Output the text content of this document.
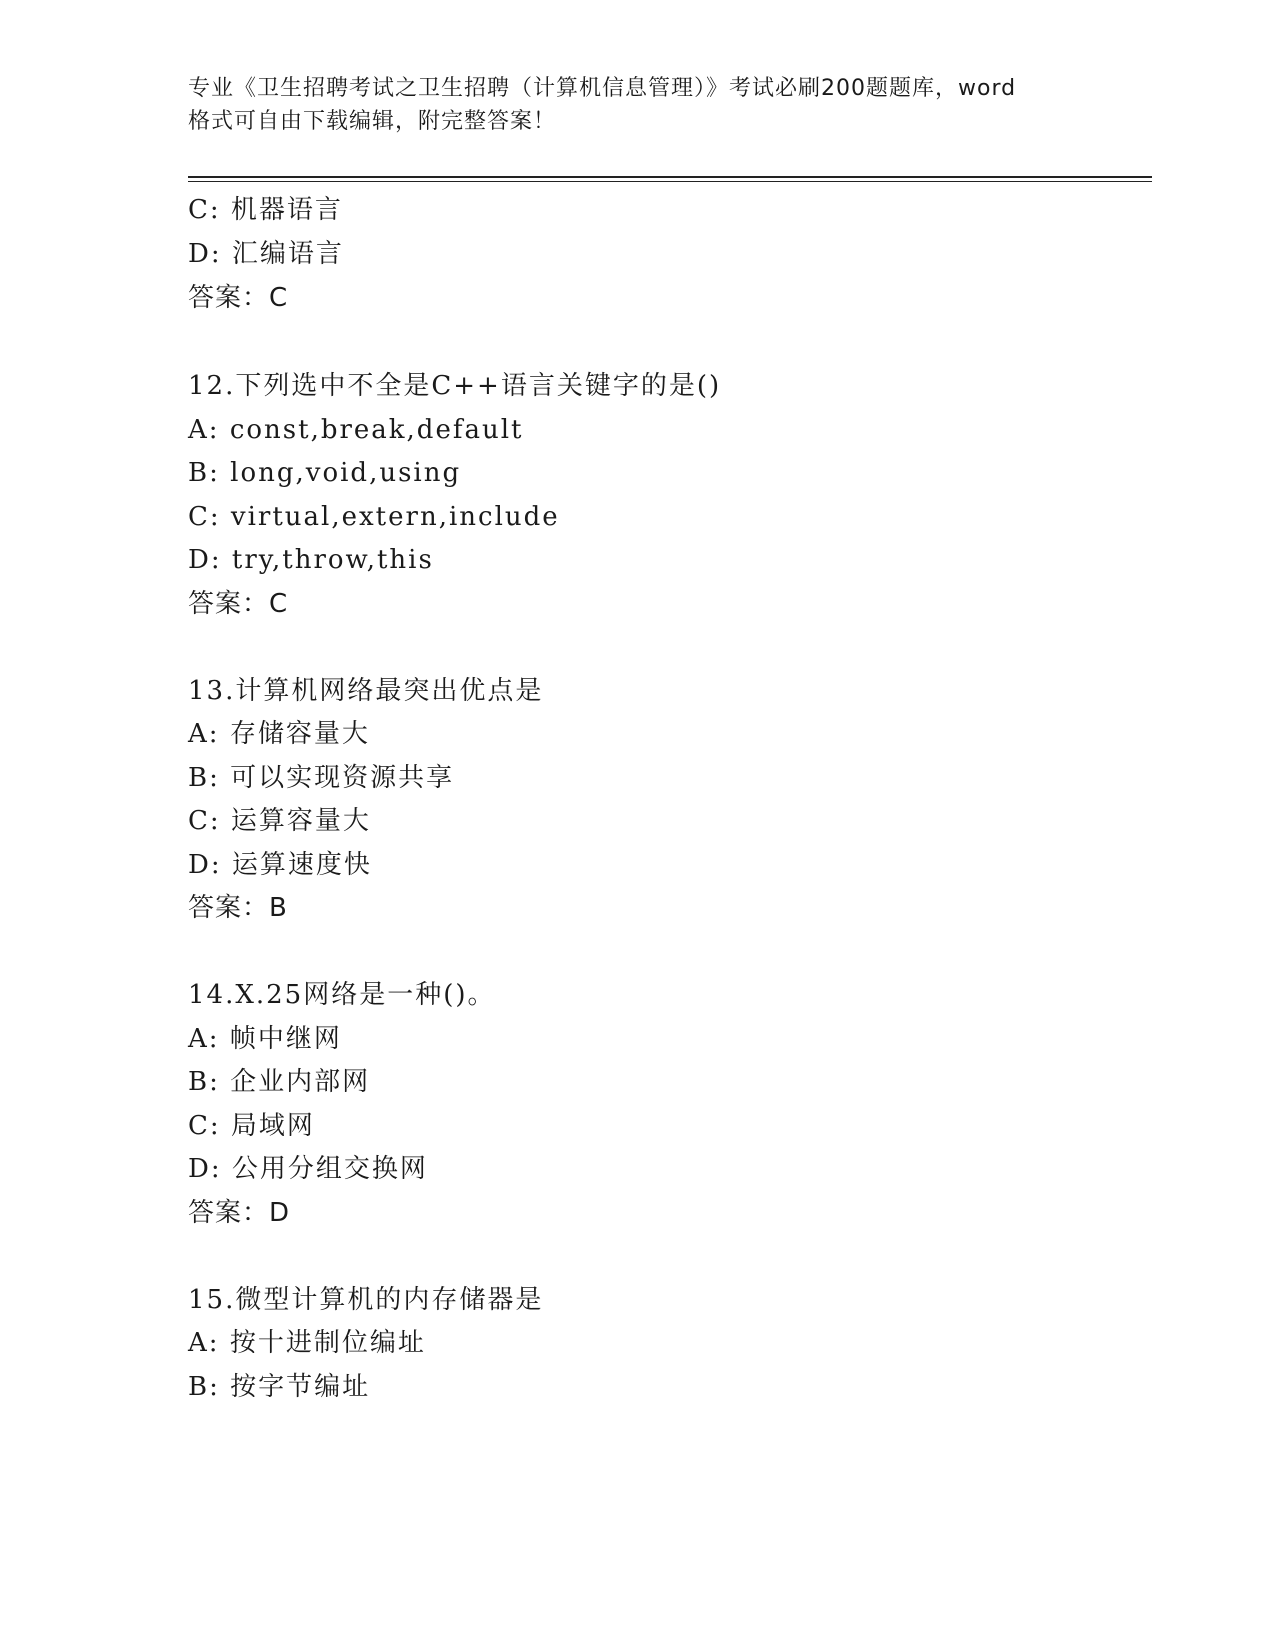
专业《卫生招聘考试之卫生招聘（计算机信息管理）》考试必刷200题题库，word
格式可自由下载编辑，附完整答案！
C: 机器语言
D: 汇编语言
答案：C
12.下列选中不全是C++语言关键字的是()
A: const,break,default
B: long,void,using
C: virtual,extern,include
D: try,throw,this
答案：C
13.计算机网络最突出优点是
A: 存储容量大
B: 可以实现资源共享
C: 运算容量大
D: 运算速度快
答案：B
14.X.25网络是一种()。
A: 帧中继网
B: 企业内部网
C: 局域网
D: 公用分组交换网
答案：D
15.微型计算机的内存储器是
A: 按十进制位编址
B: 按字节编址
